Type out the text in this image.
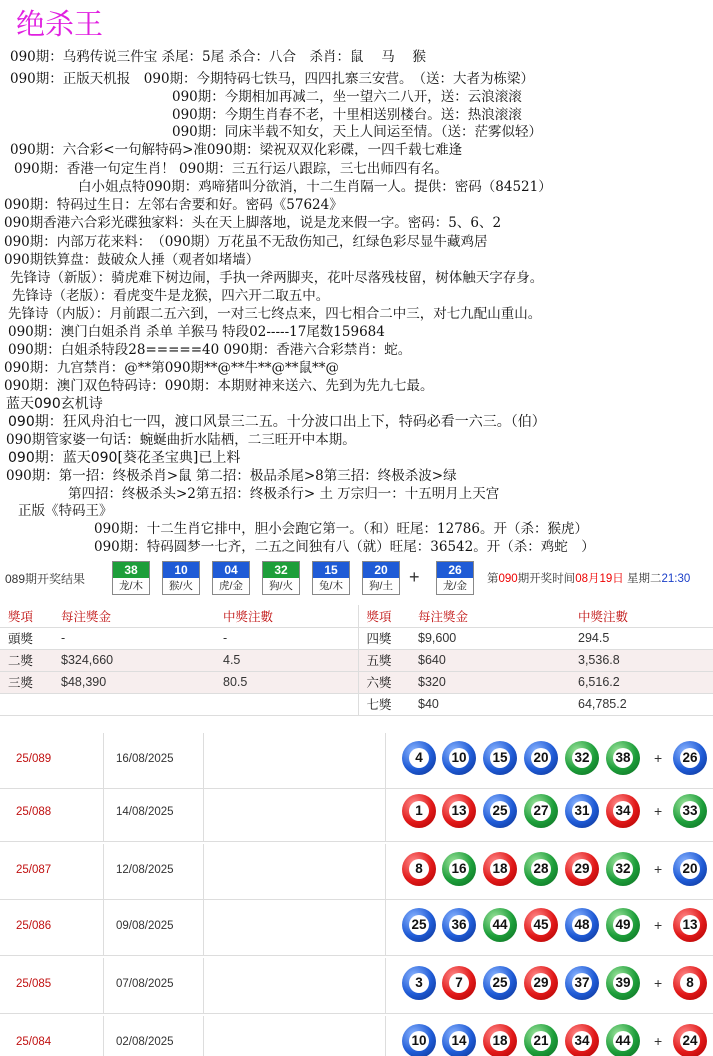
绝杀王
090期：乌鸦传说三件宝 杀尾：5尾 杀合：八合　杀肖：鼠　 马　 猴
090期：正版天机报　090期：今期特码七铁马，四四扎寨三安营。　（送：大者为栋梁）
090期：今期相加再减二，坐一望六二八开，送：云浪滚滚
090期：今期生肖春不老，十里相送别楼台。送：热浪滚滚
090期：同床半载不知女，天上人间运至情。（送：茫雾似轻）
090期：六合彩<一句解特码>准090期：梁祝双双化彩碟，一四千载七难逢
090期：香港一句定生肖！ 090期：三五行运八跟踪，三七出师四有名。
白小姐点特090期：鸡啼猪叫分欲消，十二生肖隔一人。提供：密码（84521）
090期：特码过生日：左邻右舍要和好。密码《57624》
090期香港六合彩光碟独家料：头在天上脚落地，说是龙来假一字。密码：5、6、2
090期：内部万花来料：　（090期）万花虽不无敌伤知己，红绿色彩尽显牛藏鸡居
090期铁算盘：鼓破众人捶（观者如堵墙）
先锋诗（新版）：骑虎难下树边闹，手执一斧两脚夹，花叶尽落残枝留，树体触天字存身。
先锋诗（老版）：看虎变牛是龙猴，四六开二取五中。
先锋诗（内版）：月前跟二五六到，一对三七终点来，四七相合二中三，对七九配山重山。
090期：澳门白姐杀肖 杀单 羊猴马 特段02-----17尾数159684
090期：白姐杀特段28=====40 090期：香港六合彩禁肖：蛇。
090期：九宫禁肖：@**第090期**@**牛**@**鼠**@
090期：澳门双色特码诗：090期：本期财神来送六、先到为先九七最。
蓝天090玄机诗
090期：狂风舟泊七一四，渡口风景三二五。十分波口出上下，特码必看一六三。（伯）
090期管家婆一句话：蜿蜒曲折水陆栖，二三旺开中本期。
090期：蓝天090[葵花圣宝典]已上料
090期：第一招：终极杀肖>鼠 第二招：极品杀尾>8第三招：终极杀波>绿
第四招：终极杀头>2第五招：终极杀行> 土 万宗归一：十五明月上天宫
正版《特码王》
090期：十二生肖它排中，胆小会跑它第一。（和）旺尾：12786。开（杀：猴虎）
090期：特码圆梦一七齐，二五之间独有八（就）旺尾：36542。开（杀：鸡蛇　）
089期开奖结果
38
龙/木
10
猴/火
04
虎/金
32
狗/火
15
兔/木
20
狗/土 +	26
龙/金
第090期开奖时间08月19日 星期二21:30
獎項	每注獎金	中獎注數	獎項	每注獎金	中獎注數
頭獎	-	-	四獎	$9,600	294.5
二獎	$324,660	4.5	五獎	$640	3,536.8
三獎	$48,390	80.5	六獎	$320	6,516.2
			七獎	$40	64,785.2
25/089	16/08/2025	4	10 15 20 32 38 + 26
25/088	14/08/2025	1	13 25 27 31 34 + 33
25/087	12/08/2025	8	16 18 28 29 32 + 20
25/086	09/08/2025	25 36 44 45 48 49 + 13
25/085	07/08/2025	3	7	25 29 37 39 +	8
25/084	02/08/2025	10 14 18 21 34 44 + 24
